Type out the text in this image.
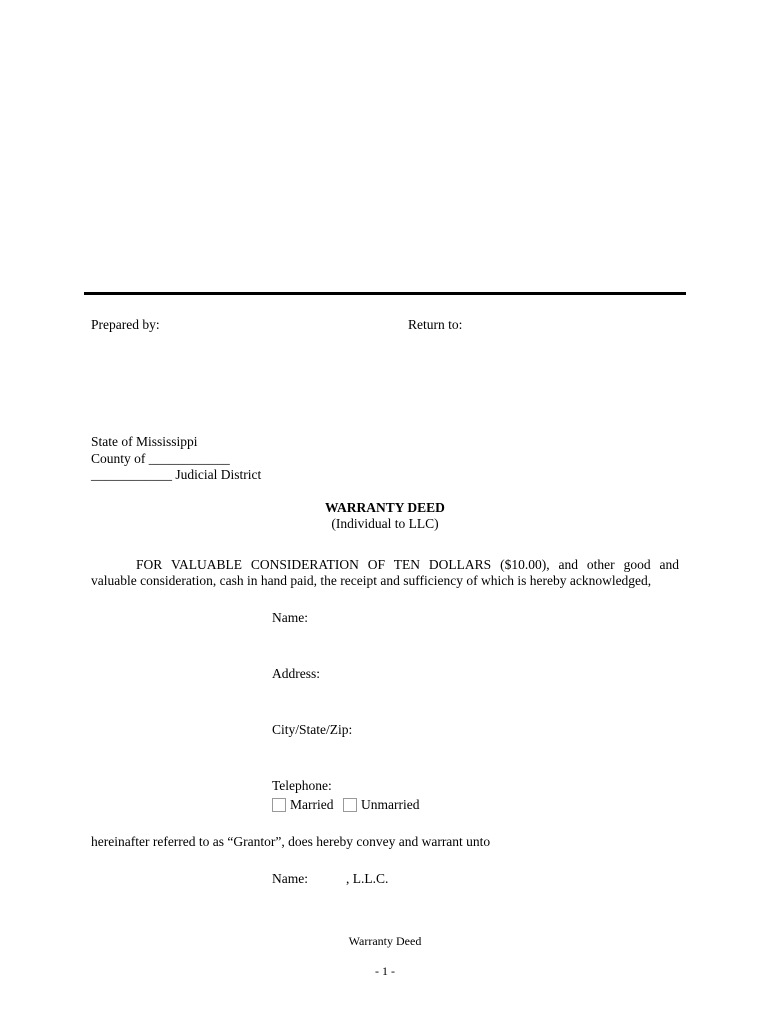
Prepared by:	Return to:
State of Mississippi
County of ____________
____________ Judicial District
WARRANTY DEED
(Individual to LLC)
FOR VALUABLE CONSIDERATION OF TEN DOLLARS ($10.00), and other good and
valuable consideration, cash in hand paid, the receipt and sufficiency of which is hereby acknowledged,
Name:
Address:
City/State/Zip:
Telephone:
Married	Unmarried
hereinafter referred to as “Grantor”, does hereby convey and warrant unto
Name:	, L.L.C.
Warranty Deed
- 1 -
